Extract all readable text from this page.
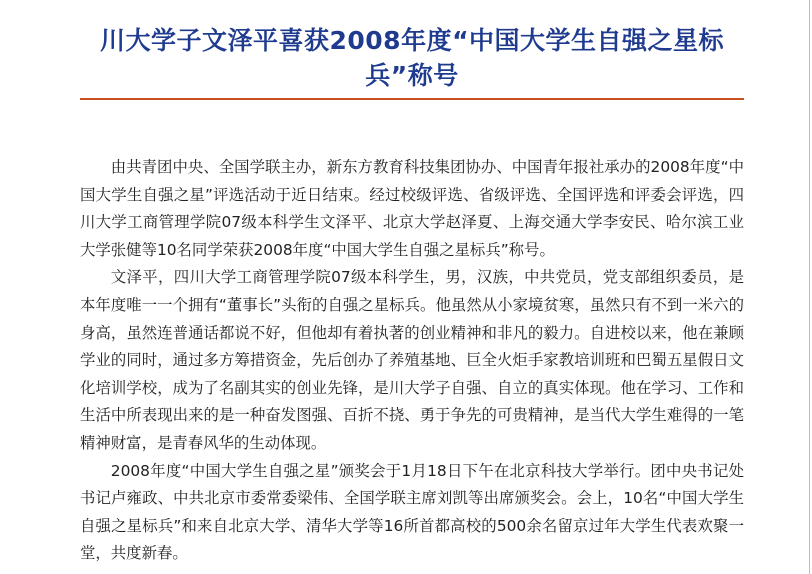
川大学子文泽平喜获2008年度“中国大学生自强之星标兵”称号

由共青团中央、全国学联主办，新东方教育科技集团协办、中国青年报社承办的2008年度“中国大学生自强之星”评选活动于近日结束。经过校级评选、省级评选、全国评选和评委会评选，四川大学工商管理学院07级本科学生文泽平、北京大学赵泽夏、上海交通大学李安民、哈尔滨工业大学张健等10名同学荣获2008年度“中国大学生自强之星标兵”称号。

文泽平，四川大学工商管理学院07级本科学生，男，汉族，中共党员，党支部组织委员，是本年度唯一一个拥有“董事长”头衔的自强之星标兵。他虽然从小家境贫寒，虽然只有不到一米六的身高，虽然连普通话都说不好，但他却有着执著的创业精神和非凡的毅力。自进校以来，他在兼顾学业的同时，通过多方筹措资金，先后创办了养殖基地、巨全火炬手家教培训班和巴蜀五星假日文化培训学校，成为了名副其实的创业先锋，是川大学子自强、自立的真实体现。他在学习、工作和生活中所表现出来的是一种奋发图强、百折不挠、勇于争先的可贵精神，是当代大学生难得的一笔精神财富，是青春风华的生动体现。

2008年度“中国大学生自强之星”颁奖会于1月18日下午在北京科技大学举行。团中央书记处书记卢雍政、中共北京市委常委梁伟、全国学联主席刘凯等出席颁奖会。会上，10名“中国大学生自强之星标兵”和来自北京大学、清华大学等16所首都高校的500余名留京过年大学生代表欢聚一堂，共度新春。
